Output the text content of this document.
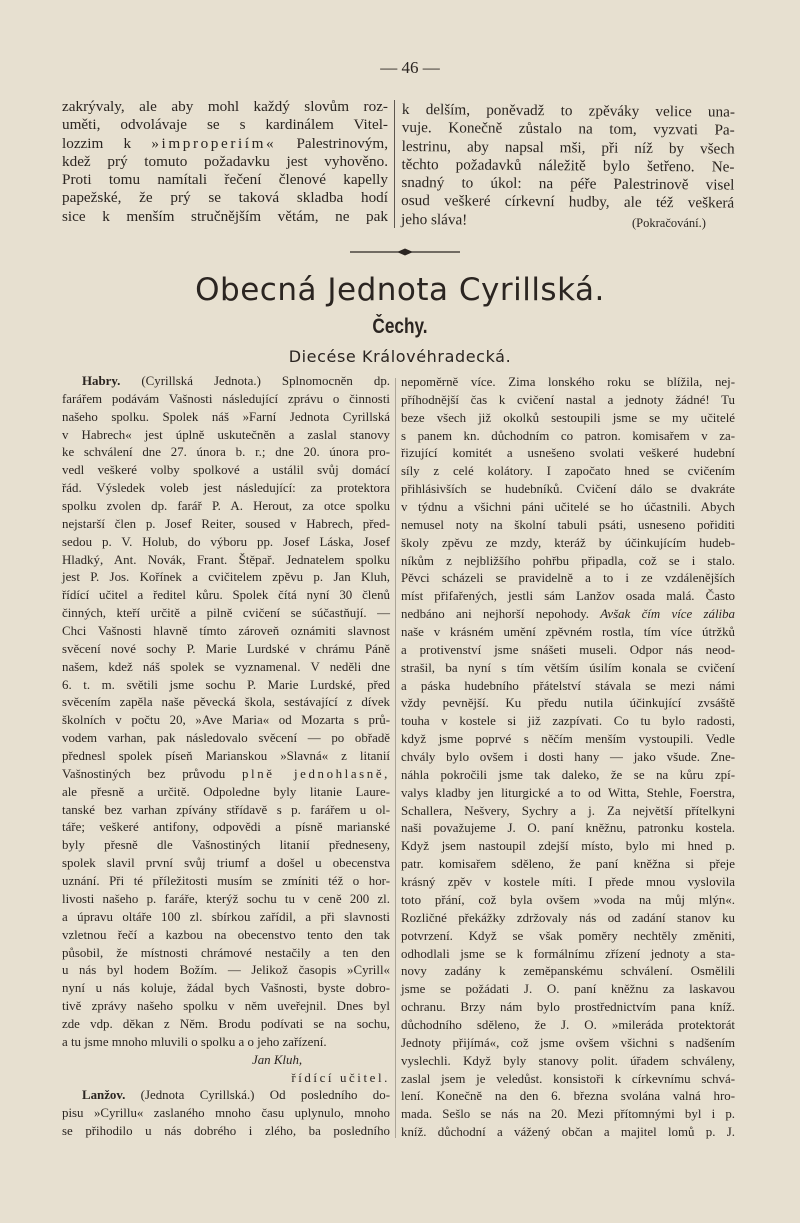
— 46 —
zakrývaly, ale aby mohl každý slovům roz-
uměti, odvolávaje se s kardinálem Vitel-
lozzim k »improperiím« Palestrinovým,
kdež prý tomuto požadavku jest vyhověno.
Proti tomu namítali řečení členové kapelly
papežské, že prý se taková skladba hodí
sice k menším stručnějším větám, ne pak
k delším, poněvadž to zpěváky velice una-
vuje. Konečně zůstalo na tom, vyzvati Pa-
lestrinu, aby napsal mši, při níž by všech
těchto požadavků náležitě bylo šetřeno. Ne-
snadný to úkol: na péře Palestrinově visel
osud veškeré církevní hudby, ale též veškerá
jeho sláva!	(Pokračování.)
Obecná Jednota Cyrillská.
Čechy.
Diecése Královéhradecká.
Habry. (Cyrillská Jednota.) Splnomocněn dp.
farářem podávám Vašnosti následující zprávu o činnosti
našeho spolku. Spolek náš »Farní Jednota Cyrillská
v Habrech« jest úplně uskutečněn a zaslal stanovy
ke schválení dne 27. února b. r.; dne 20. února pro-
vedl veškeré volby spolkové a ustálil svůj domácí
řád. Výsledek voleb jest následující: za protektora
spolku zvolen dp. farář P. A. Herout, za otce spolku
nejstarší člen p. Josef Reiter, soused v Habrech, před-
sedou p. V. Holub, do výboru pp. Josef Láska, Josef
Hladký, Ant. Novák, Frant. Štěpař. Jednatelem spolku
jest P. Jos. Kořínek a cvičitelem zpěvu p. Jan Kluh,
řídící učitel a ředitel kůru. Spolek čítá nyní 30 členů
činných, kteří určitě a pilně cvičení se súčastňují. —
Chci Vašnosti hlavně tímto zároveň oznámiti slavnost
svěcení nové sochy P. Marie Lurdské v chrámu Páně
našem, kdež náš spolek se vyznamenal. V neděli dne
6. t. m. světili jsme sochu P. Marie Lurdské, před
svěcením zapěla naše pěvecká škola, sestávající z dívek
školních v počtu 20, »Ave Maria« od Mozarta s prů-
vodem varhan, pak následovalo svěcení — po obřadě
přednesl spolek píseň Marianskou »Slavná« z litanií
Vašnostiných bez průvodu plně jednohlasně,
ale přesně a určitě. Odpoledne byly litanie Laure-
tanské bez varhan zpívány střídavě s p. farářem u ol-
táře; veškeré antifony, odpovědi a písně marianské
byly přesně dle Vašnostiných litanií předneseny,
spolek slavil první svůj triumf a došel u obecenstva
uznání. Při té příležitosti musím se zmíniti též o hor-
livosti našeho p. faráře, kterýž sochu tu v ceně 200 zl.
a úpravu oltáře 100 zl. sbírkou zařídil, a při slavnosti
vzletnou řečí a kazbou na obecenstvo tento den tak
působil, že místnosti chrámové nestačily a ten den
u nás byl hodem Božím. — Jelikož časopis »Cyrill«
nyní u nás koluje, žádal bych Vašnosti, byste dobro-
tivě zprávy našeho spolku v něm uveřejnil. Dnes byl
zde vdp. děkan z Něm. Brodu podívati se na sochu,
a tu jsme mnoho mluvili o spolku a o jeho zařízení.
Jan Kluh,
řídící učitel.
Lanžov. (Jednota Cyrillská.) Od posledního do-
pisu »Cyrillu« zaslaného mnoho času uplynulo, mnoho
se přihodilo u nás dobrého i zlého, ba posledního
nepoměrně více. Zima lonského roku se blížila, nej-
příhodnější čas k cvičení nastal a jednoty žádné! Tu
beze všech již okolků sestoupili jsme se my učitelé
s panem kn. důchodním co patron. komisařem v za-
řizující komitét a usnešeno svolati veškeré hudební
síly z celé kolátory. I započato hned se cvičením
přihlásivších se hudebníků. Cvičení dálo se dvakráte
v týdnu a všichni páni učitelé se ho účastnili. Abych
nemusel noty na školní tabuli psáti, usneseno pořiditi
školy zpěvu ze mzdy, kteráž by účinkujícím hudeb-
níkům z nejbližšího pohřbu připadla, což se i stalo.
Pěvci scházeli se pravidelně a to i ze vzdálenějších
míst přifařených, jestli sám Lanžov osada malá. Často
nedbáno ani nejhorší nepohody. Avšak čím více záliba
naše v krásném umění zpěvném rostla, tím více útržků
a protivenství jsme snášeti museli. Odpor nás neod-
strašil, ba nyní s tím větším úsilím konala se cvičení
a páska hudebního přátelství stávala se mezi námi
vždy pevnější. Ku předu nutila účinkující zvsáště
touha v kostele si již zazpívati. Co tu bylo radosti,
když jsme poprvé s něčím menším vystoupili. Vedle
chvály bylo ovšem i dosti hany — jako všude. Zne-
náhla pokročili jsme tak daleko, že se na kůru zpí-
valys kladby jen liturgické a to od Witta, Stehle, Foerstra,
Schallera, Nešvery, Sychry a j. Za největší přítelkyni
naši považujeme J. O. paní kněžnu, patronku kostela.
Když jsem nastoupil zdejší místo, bylo mi hned p.
patr. komisařem sděleno, že paní kněžna si přeje
krásný zpěv v kostele míti. I přede mnou vyslovila
toto přání, což byla ovšem »voda na můj mlýn«.
Rozličné překážky zdržovaly nás od zadání stanov ku
potvrzení. Když se však poměry nechtěly změniti,
odhodlali jsme se k formálnímu zřízení jednoty a sta-
novy zadány k zeměpanskému schválení. Osmělili
jsme se požádati J. O. paní kněžnu za laskavou
ochranu. Brzy nám bylo prostřednictvím pana kníž.
důchodního sděleno, že J. O. »mileráda protektorát
Jednoty přijímá«, což jsme ovšem všichni s nadšením
vyslechli. Když byly stanovy polit. úřadem schváleny,
zaslal jsem je veledůst. konsistoři k církevnímu schvá-
lení. Konečně na den 6. března svolána valná hro-
mada. Sešlo se nás na 20. Mezi přítomnými byl i p.
kníž. důchodní a vážený občan a majitel lomů p. J.
